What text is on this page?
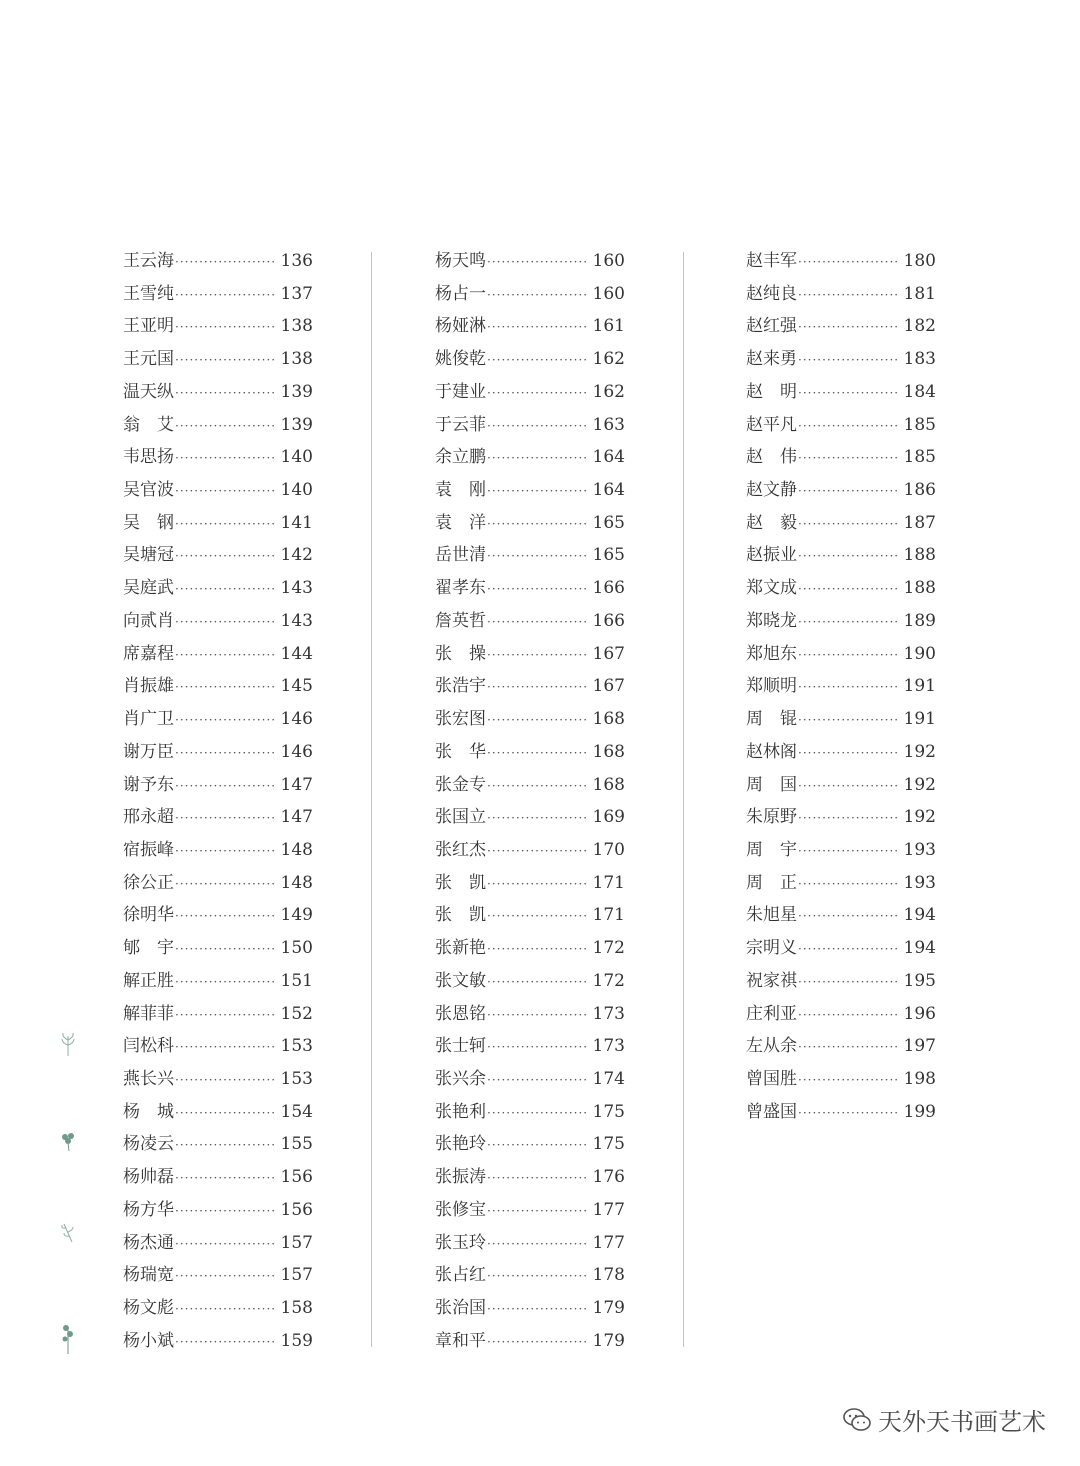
王云海 ·····	136
王雪纯 ·····	137
王亚明 ·····	138
王元国 ·····	138
温天纵 ·····	139
翁　艾 ·····	139
韦思扬 ·····	140
吴官波 ·····	140
吴　钢 ·····	141
吴塘冠 ·····	142
吴庭武 ·····	143
向贰肖 ·····	143
席嘉程 ·····	144
肖振雄 ·····	145
肖广卫 ·····	146
谢万臣 ·····	146
谢予东 ·····	147
邢永超 ·····	147
宿振峰 ·····	148
徐公正 ·····	148
徐明华 ·····	149
郇　宇 ·····	150
解正胜 ·····	151
解菲菲 ·····	152
闫松科 ·····	153
燕长兴 ·····	153
杨　城 ·····	154
杨凌云 ·····	155
杨帅磊 ·····	156
杨方华 ·····	156
杨杰通 ·····	157
杨瑞宽 ·····	157
杨文彪 ·····	158
杨小斌 ·····	159
杨天鸣 ·····	160
杨占一 ·····	160
杨娅淋 ·····	161
姚俊乾 ·····	162
于建业 ·····	162
于云菲 ·····	163
余立鹏 ·····	164
袁　刚 ·····	164
袁　洋 ·····	165
岳世清 ·····	165
翟孝东 ·····	166
詹英哲 ·····	166
张　操 ·····	167
张浩宇 ·····	167
张宏图 ·····	168
张　华 ·····	168
张金专 ·····	168
张国立 ·····	169
张红杰 ·····	170
张　凯 ·····	171
张　凯 ·····	171
张新艳 ·····	172
张文敏 ·····	172
张恩铭 ·····	173
张士轲 ·····	173
张兴余 ·····	174
张艳利 ·····	175
张艳玲 ·····	175
张振涛 ·····	176
张修宝 ·····	177
张玉玲 ·····	177
张占红 ·····	178
张治国 ·····	179
章和平 ·····	179
赵丰军 ·····	180
赵纯良 ·····	181
赵红强 ·····	182
赵来勇 ·····	183
赵　明 ·····	184
赵平凡 ·····	185
赵　伟 ·····	185
赵文静 ·····	186
赵　毅 ·····	187
赵振业 ·····	188
郑文成 ·····	188
郑晓龙 ·····	189
郑旭东 ·····	190
郑顺明 ·····	191
周　锟 ·····	191
赵林阁 ·····	192
周　国 ·····	192
朱原野 ·····	192
周　宇 ·····	193
周　正 ·····	193
朱旭星 ·····	194
宗明义 ·····	194
祝家祺 ·····	195
庄利亚 ·····	196
左从余 ·····	197
曾国胜 ·····	198
曾盛国 ·····	199
天外天书画艺术
